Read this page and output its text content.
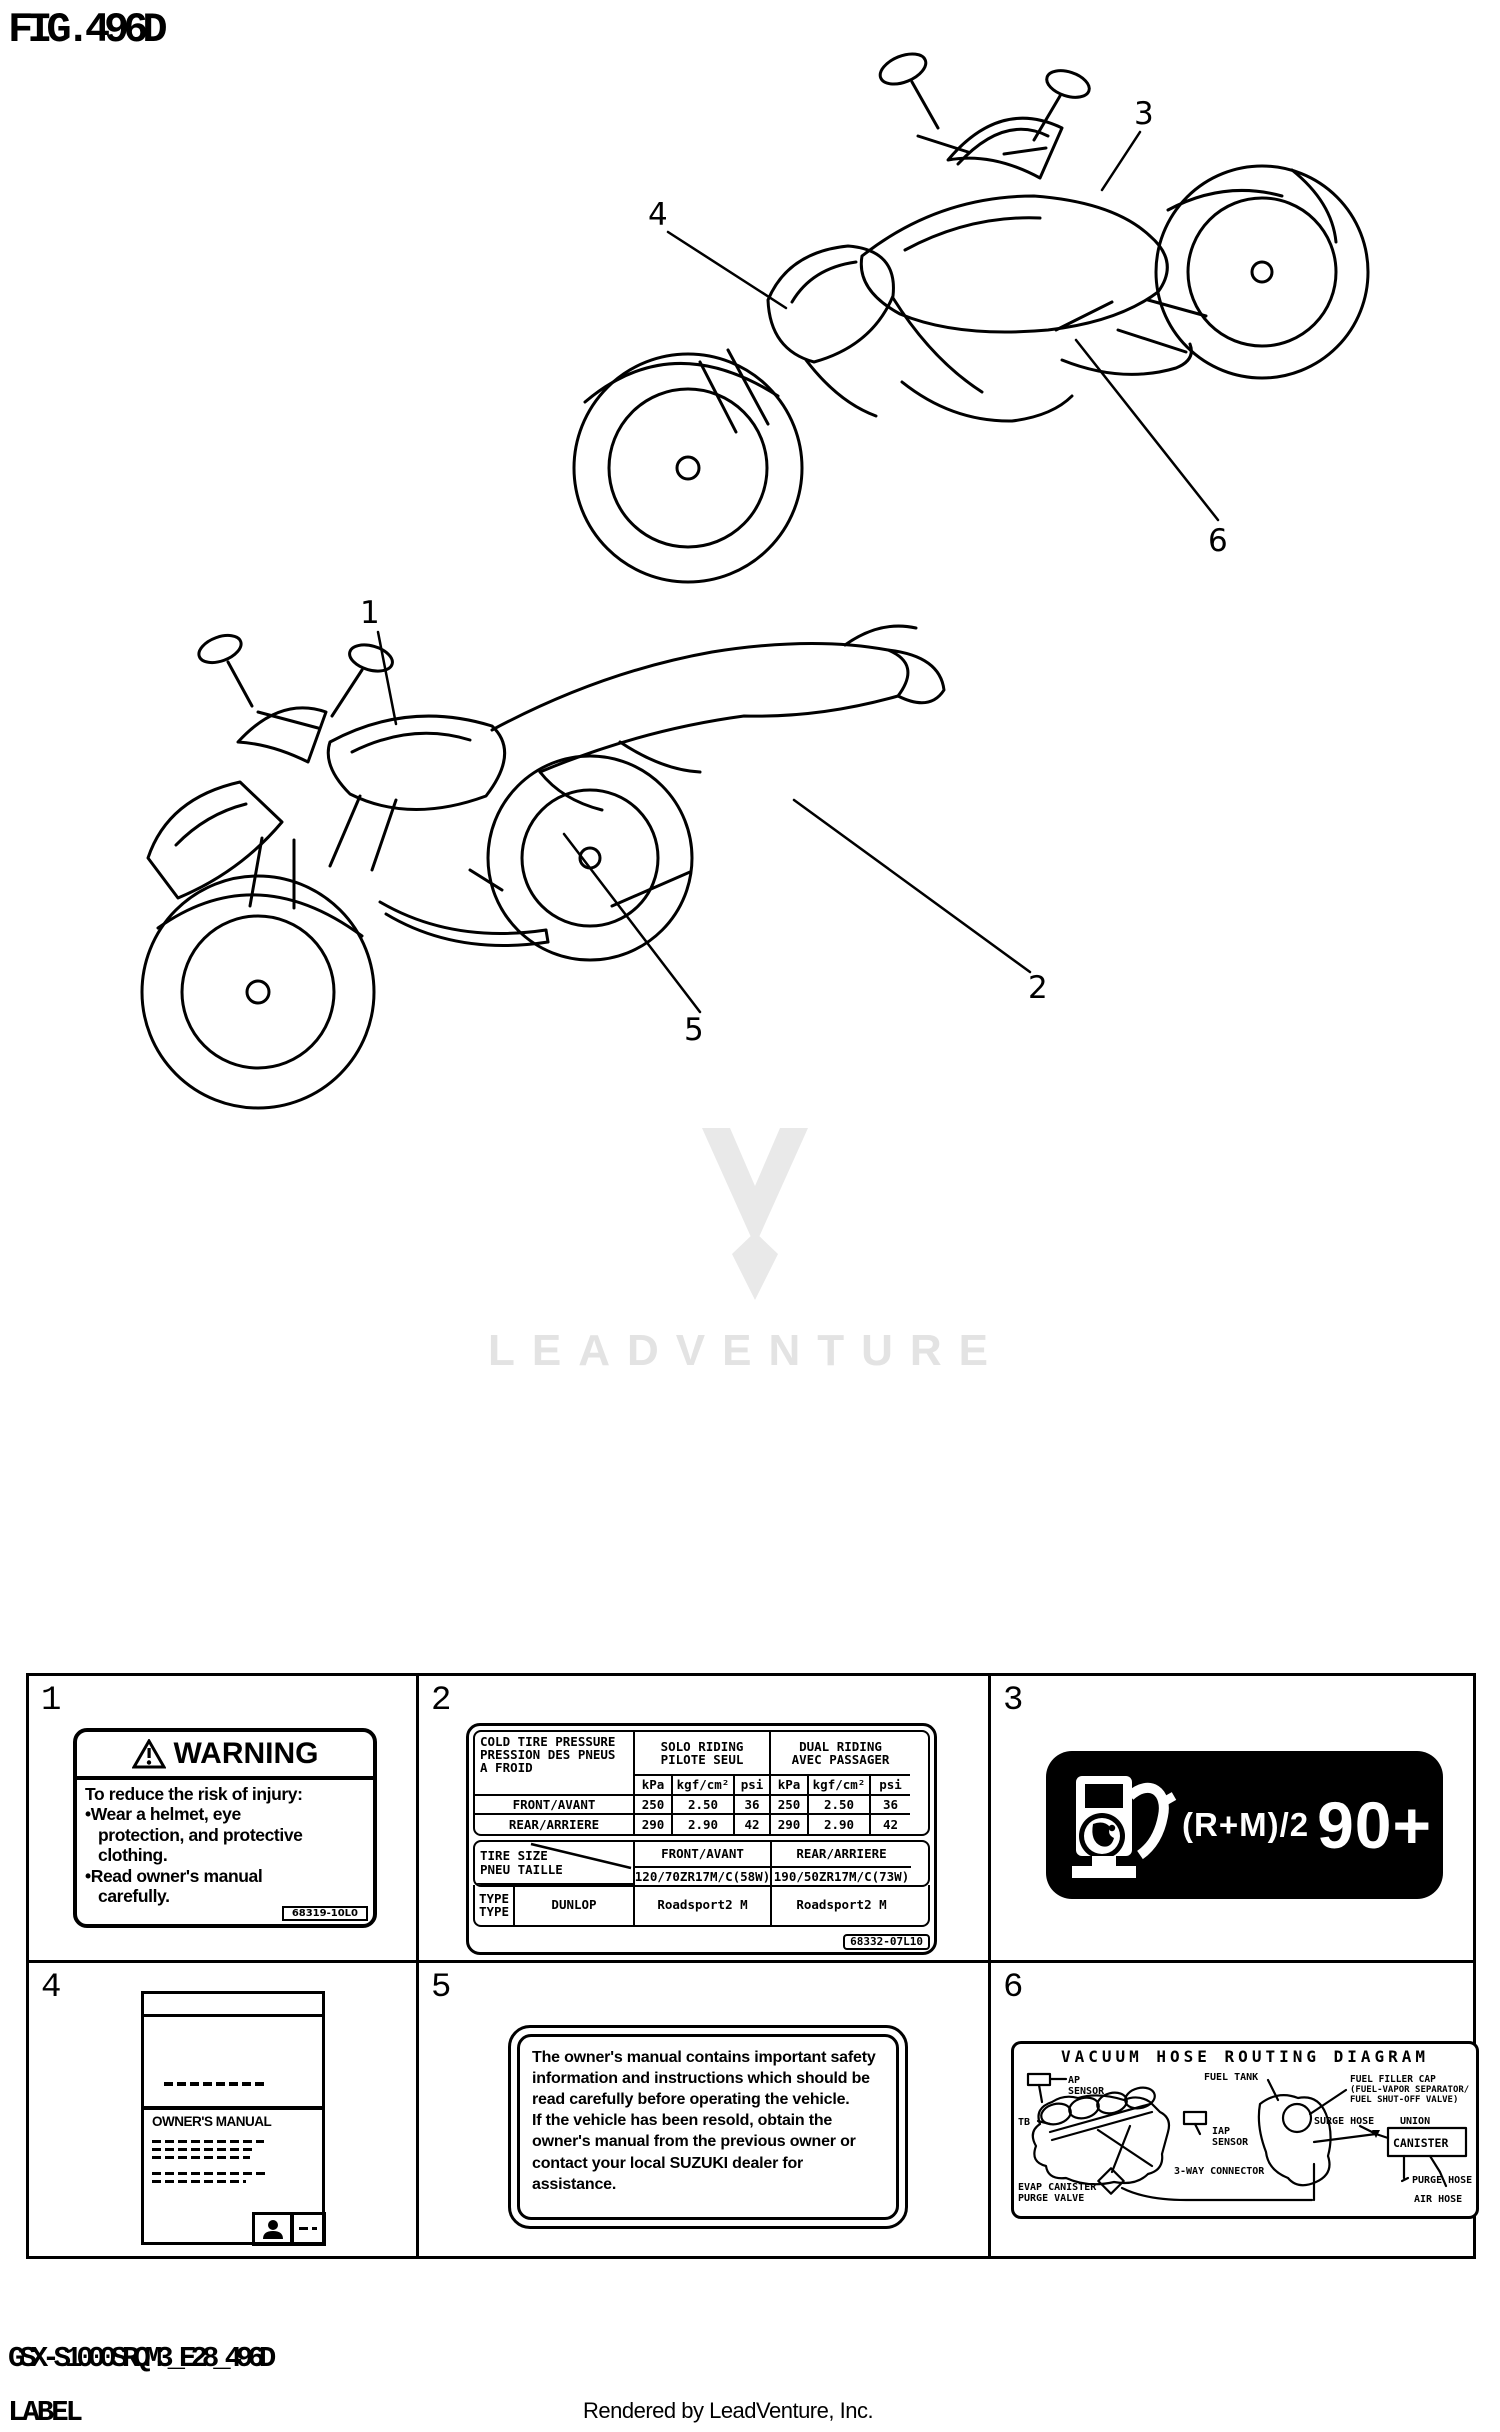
FIG.496D
LEADVENTURE
3
4
6
1
5
2
1
WARNING
To reduce the risk of injury:
•Wear a helmet, eye
protection, and protective
clothing.
•Read owner's manual
carefully.
68319-10L0
2
COLD TIRE PRESSURE
PRESSION DES PNEUS
A FROID
SOLO RIDING
PILOTE SEUL
DUAL RIDING
AVEC PASSAGER
kPa kgf/cm² psi	kPa kgf/cm²	psi
FRONT/AVANT	250	2.50	36	250	2.50	36
REAR/ARRIERE	290	2.90	42	290	2.90	42
TIRE SIZE
PNEU TAILLE
FRONT/AVANT	REAR/ARRIERE
120/70ZR17M/C(58W) 190/50ZR17M/C(73W)
TYPE
TYPE	DUNLOP	Roadsport2 M	Roadsport2 M
68332-07L10
3
(R+M)/2 90+
4
OWNER'S MANUAL
5
The owner's manual contains important safety
information and instructions which should be
read carefully before operating the vehicle.
If the vehicle has been resold, obtain the
owner's manual from the previous owner or
contact your local SUZUKI dealer for
assistance.
6
VACUUM HOSE ROUTING DIAGRAM
AP
SENSOR
TB
IAP
SENSOR
3-WAY CONNECTOR
EVAP CANISTER
PURGE VALVE
FUEL TANK	FUEL FILLER CAP
(FUEL-VAPOR SEPARATOR/
FUEL SHUT-OFF VALVE)
SURGE HOSE	UNION
CANISTER
PURGE HOSE
AIR HOSE
GSX-S1000SRQM3_E28_496D
LABEL	Rendered by LeadVenture, Inc.
